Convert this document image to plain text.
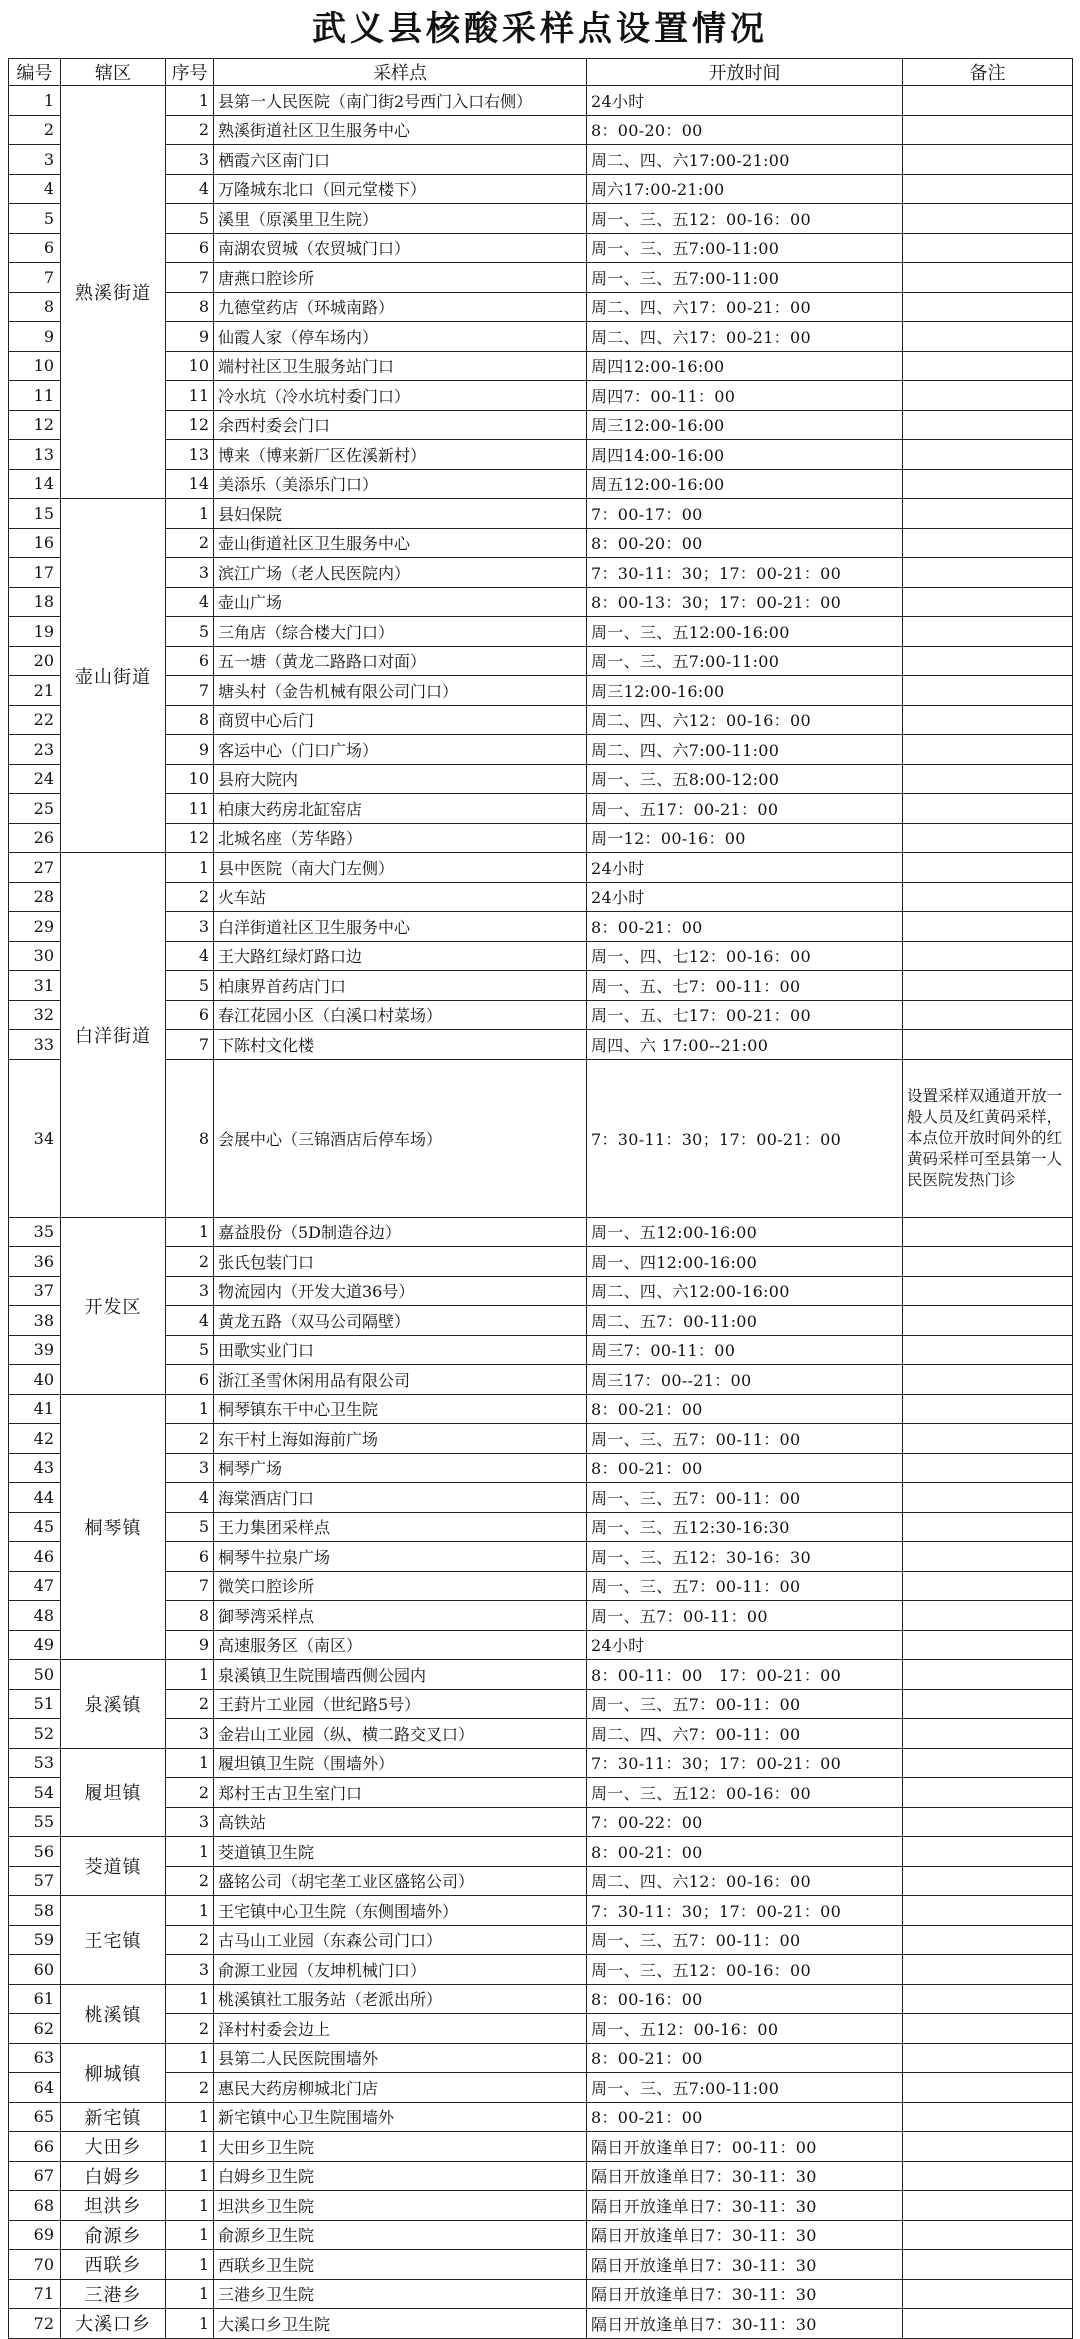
武义县核酸采样点设置情况
编号	辖区	序号	采样点	开放时间	备注
1	熟溪街道	1	县第一人民医院（南门街2号西门入口右侧）	24小时	
2		2	熟溪街道社区卫生服务中心	8：00-20：00	
3		3	栖霞六区南门口	周二、四、六17:00-21:00	
4		4	万隆城东北口（回元堂楼下）	周六17:00-21:00	
5		5	溪里（原溪里卫生院）	周一、三、五12：00-16：00	
6		6	南湖农贸城（农贸城门口）	周一、三、五7:00-11:00	
7		7	唐燕口腔诊所	周一、三、五7:00-11:00	
8		8	九德堂药店（环城南路）	周二、四、六17：00-21：00	
9		9	仙霞人家（停车场内）	周二、四、六17：00-21：00	
10		10	端村社区卫生服务站门口	周四12:00-16:00	
11		11	冷水坑（冷水坑村委门口）	周四7：00-11：00	
12		12	余西村委会门口	周三12:00-16:00	
13		13	博来（博来新厂区佐溪新村）	周四14:00-16:00	
14		14	美添乐（美添乐门口）	周五12:00-16:00	
15	壶山街道	1	县妇保院	7：00-17：00	
16		2	壶山街道社区卫生服务中心	8：00-20：00	
17		3	滨江广场（老人民医院内）	7：30-11：30；17：00-21：00	
18		4	壶山广场	8：00-13：30；17：00-21：00	
19		5	三角店（综合楼大门口）	周一、三、五12:00-16:00	
20		6	五一塘（黄龙二路路口对面）	周一、三、五7:00-11:00	
21		7	塘头村（金告机械有限公司门口）	周三12:00-16:00	
22		8	商贸中心后门	周二、四、六12：00-16：00	
23		9	客运中心（门口广场）	周二、四、六7:00-11:00	
24		10	县府大院内	周一、三、五8:00-12:00	
25		11	柏康大药房北缸窑店	周一、五17：00-21：00	
26		12	北城名座（芳华路）	周一12：00-16：00	
27	白洋街道	1	县中医院（南大门左侧）	24小时	
28		2	火车站	24小时	
29		3	白洋街道社区卫生服务中心	8：00-21：00	
30		4	王大路红绿灯路口边	周一、四、七12：00-16：00	
31		5	柏康界首药店门口	周一、五、七7：00-11：00	
32		6	春江花园小区（白溪口村菜场）	周一、五、七17：00-21：00	
33		7	下陈村文化楼	周四、六 17:00--21:00	
34		8	会展中心（三锦酒店后停车场）	7：30-11：30；17：00-21：00	设置采样双通道开放一般人员及红黄码采样，本点位开放时间外的红黄码采样可至县第一人民医院发热门诊
35	开发区	1	嘉益股份（5D制造谷边）	周一、五12:00-16:00	
36		2	张氏包装门口	周一、四12:00-16:00	
37		3	物流园内（开发大道36号）	周二、四、六12:00-16:00	
38		4	黄龙五路（双马公司隔壁）	周二、五7：00-11:00	
39		5	田歌实业门口	周三7：00-11：00	
40		6	浙江圣雪休闲用品有限公司	周三17：00--21：00	
41	桐琴镇	1	桐琴镇东干中心卫生院	8：00-21：00	
42		2	东干村上海如海前广场	周一、三、五7：00-11：00	
43		3	桐琴广场	8：00-21：00	
44		4	海棠酒店门口	周一、三、五7：00-11：00	
45		5	王力集团采样点	周一、三、五12:30-16:30	
46		6	桐琴牛拉泉广场	周一、三、五12：30-16：30	
47		7	微笑口腔诊所	周一、三、五7：00-11：00	
48		8	御琴湾采样点	周一、五7：00-11：00	
49		9	高速服务区（南区）	24小时	
50	泉溪镇	1	泉溪镇卫生院围墙西侧公园内	8：00-11：00　17：00-21：00	
51		2	王葑片工业园（世纪路5号）	周一、三、五7：00-11：00	
52		3	金岩山工业园（纵、横二路交叉口）	周二、四、六7：00-11：00	
53	履坦镇	1	履坦镇卫生院（围墙外）	7：30-11：30；17：00-21：00	
54		2	郑村王古卫生室门口	周一、三、五12：00-16：00	
55		3	高铁站	7：00-22：00	
56	茭道镇	1	茭道镇卫生院	8：00-21：00	
57		2	盛铭公司（胡宅垄工业区盛铭公司）	周二、四、六12：00-16：00	
58	王宅镇	1	王宅镇中心卫生院（东侧围墙外）	7：30-11：30；17：00-21：00	
59		2	古马山工业园（东森公司门口）	周一、三、五7：00-11：00	
60		3	俞源工业园（友坤机械门口）	周一、三、五12：00-16：00	
61	桃溪镇	1	桃溪镇社工服务站（老派出所）	8：00-16：00	
62		2	泽村村委会边上	周一、五12：00-16：00	
63	柳城镇	1	县第二人民医院围墙外	8：00-21：00	
64		2	惠民大药房柳城北门店	周一、三、五7:00-11:00	
65	新宅镇	1	新宅镇中心卫生院围墙外	8：00-21：00	
66	大田乡	1	大田乡卫生院	隔日开放逢单日7：00-11：00	
67	白姆乡	1	白姆乡卫生院	隔日开放逢单日7：30-11：30	
68	坦洪乡	1	坦洪乡卫生院	隔日开放逢单日7：30-11：30	
69	俞源乡	1	俞源乡卫生院	隔日开放逢单日7：30-11：30	
70	西联乡	1	西联乡卫生院	隔日开放逢单日7：30-11：30	
71	三港乡	1	三港乡卫生院	隔日开放逢单日7：30-11：30	
72	大溪口乡	1	大溪口乡卫生院	隔日开放逢单日7：30-11：30	
